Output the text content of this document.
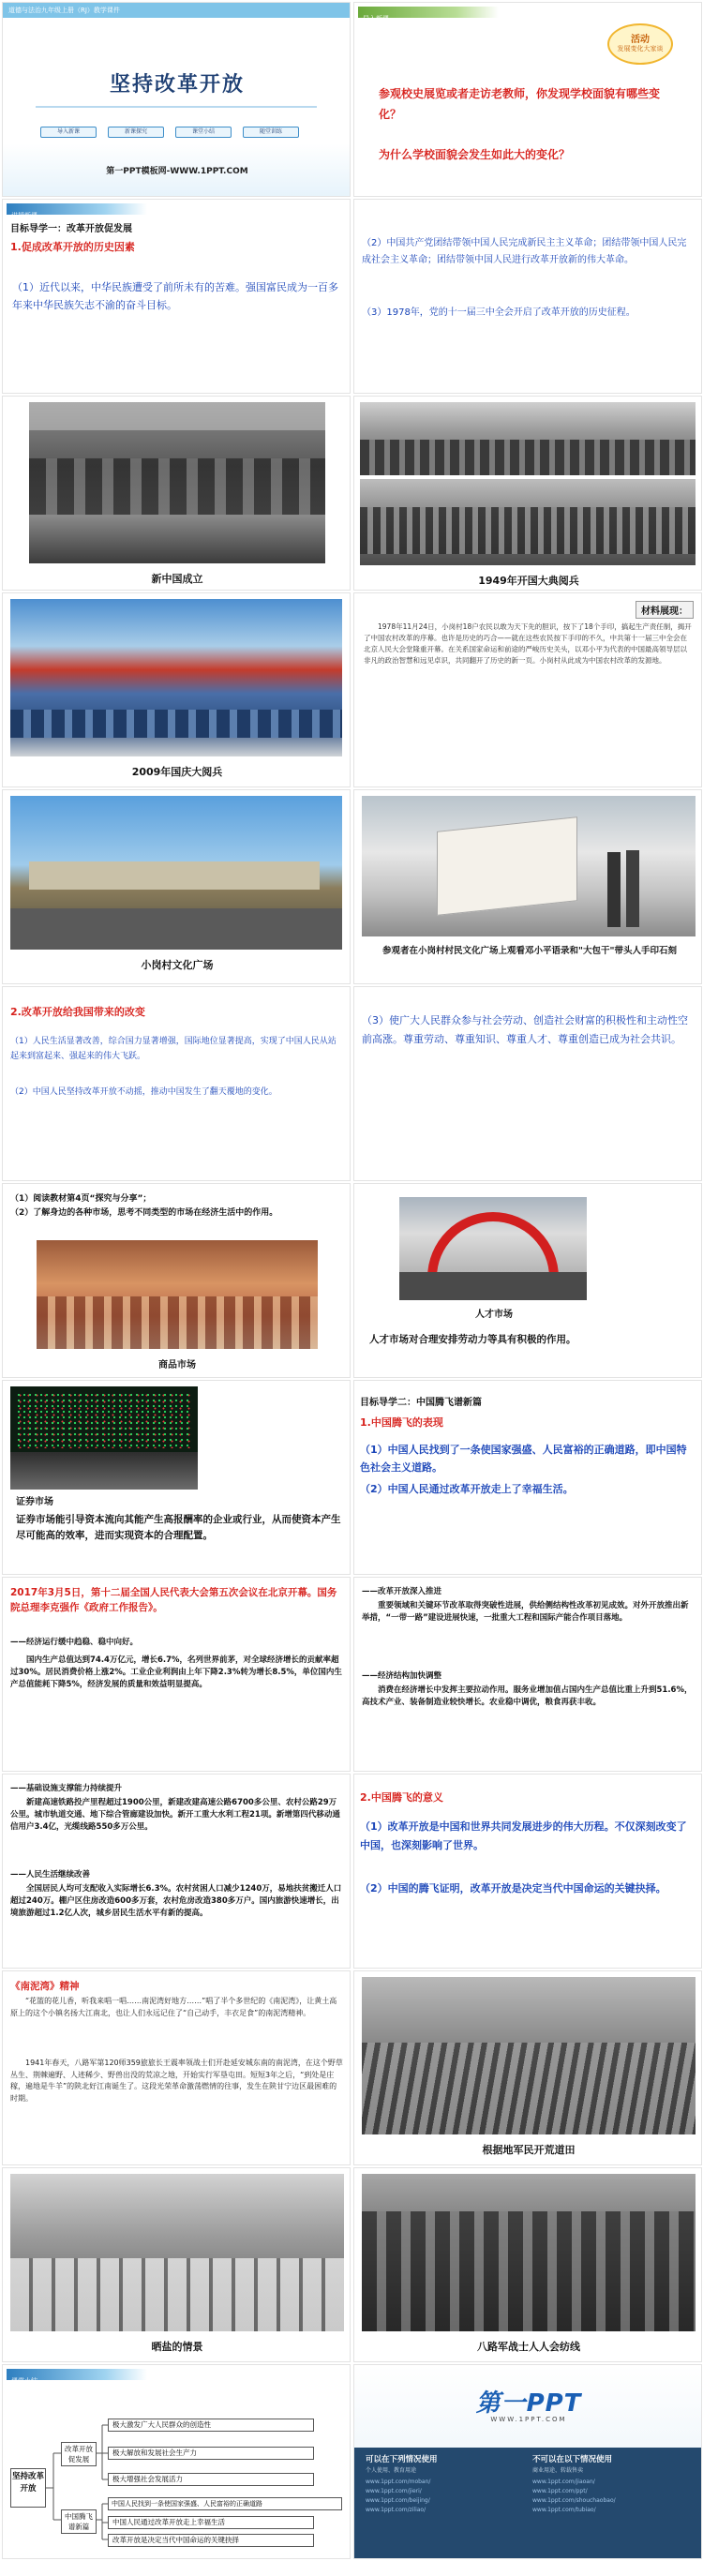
道德与法治九年级上册（RJ）教学课件
坚持改革开放
导入新课	新课探究	课堂小结	随堂训练
第一PPT模板网-WWW.1PPT.COM
导入新课
活动
发展变化大家谈
参观校史展览或者走访老教师，你发现学校面貌有哪些变化？
为什么学校面貌会发生如此大的变化？
讲授新课
目标导学一：改革开放促发展
1.促成改革开放的历史因素
（1）近代以来，中华民族遭受了前所未有的苦难。强国富民成为一百多年来中华民族矢志不渝的奋斗目标。
（2）中国共产党团结带领中国人民完成新民主主义革命；团结带领中国人民完成社会主义革命；团结带领中国人民进行改革开放新的伟大革命。
（3）1978年，党的十一届三中全会开启了改革开放的历史征程。
新中国成立	1949年开国大典阅兵
2009年国庆大阅兵
材料展现：
1978年11月24日，小岗村18户农民以敢为天下先的胆识，按下了18个手印，搞起生产责任制，揭开了中国农村改革的序幕。也许是历史的巧合——就在这些农民按下手印的不久，中共第十一届三中全会在北京人民大会堂隆重开幕。在关系国家命运和前途的严峻历史关头，以邓小平为代表的中国最高领导层以非凡的政治智慧和远见卓识，共同翻开了历史的新一页。小岗村从此成为中国农村改革的发源地。
小岗村文化广场
参观者在小岗村村民文化广场上观看邓小平语录和"大包干"带头人手印石刻
2.改革开放给我国带来的改变
（1）人民生活显著改善，综合国力显著增强，国际地位显著提高，实现了中国人民从站起来到富起来、强起来的伟大飞跃。
（2）中国人民坚持改革开放不动摇，推动中国发生了翻天覆地的变化。
（3）使广大人民群众参与社会劳动、创造社会财富的积极性和主动性空前高涨。尊重劳动、尊重知识、尊重人才、尊重创造已成为社会共识。
（1）阅读教材第4页“探究与分享”；
（2）了解身边的各种市场，思考不同类型的市场在经济生活中的作用。
商品市场
人才市场
人才市场对合理安排劳动力等具有积极的作用。
证券市场
证券市场能引导资本流向其能产生高报酬率的企业或行业，从而使资本产生尽可能高的效率，进而实现资本的合理配置。
目标导学二：中国腾飞谱新篇
1.中国腾飞的表现
（1）中国人民找到了一条使国家强盛、人民富裕的正确道路，即中国特色社会主义道路。
（2）中国人民通过改革开放走上了幸福生活。
2017年3月5日，第十二届全国人民代表大会第五次会议在北京开幕。国务院总理李克强作《政府工作报告》。
——经济运行缓中趋稳、稳中向好。
国内生产总值达到74.4万亿元，增长6.7%，名列世界前茅，对全球经济增长的贡献率超过30%。居民消费价格上涨2%。工业企业利润由上年下降2.3%转为增长8.5%，单位国内生产总值能耗下降5%，经济发展的质量和效益明显提高。
——改革开放深入推进
重要领域和关键环节改革取得突破性进展，供给侧结构性改革初见成效。对外开放推出新举措，“一带一路”建设进展快速，一批重大工程和国际产能合作项目落地。
——经济结构加快调整
消费在经济增长中发挥主要拉动作用。服务业增加值占国内生产总值比重上升到51.6%，高技术产业、装备制造业较快增长。农业稳中调优，粮食再获丰收。
——基础设施支撑能力持续提升
新建高速铁路投产里程超过1900公里，新建改建高速公路6700多公里、农村公路29万公里。城市轨道交通、地下综合管廊建设加快。新开工重大水利工程21项。新增第四代移动通信用户3.4亿，光缆线路550多万公里。
——人民生活继续改善
全国居民人均可支配收入实际增长6.3%。农村贫困人口减少1240万，易地扶贫搬迁人口超过240万。棚户区住房改造600多万套，农村危房改造380多万户。国内旅游快速增长，出境旅游超过1.2亿人次，城乡居民生活水平有新的提高。
2.中国腾飞的意义
（1）改革开放是中国和世界共同发展进步的伟大历程。不仅深刻改变了中国，也深刻影响了世界。
（2）中国的腾飞证明，改革开放是决定当代中国命运的关键抉择。
《南泥湾》精神
“花篮的花儿香，听我来唱一唱……南泥湾好地方……”唱了半个多世纪的《南泥湾》，让黄土高原上的这个小镇名扬大江南北，也让人们永远记住了“自己动手，丰衣足食”的南泥湾精神。
1941年春天，八路军第120师359旅旅长王震率领战士们开赴延安城东南的南泥湾，在这个野草丛生、荆棘遍野、人迹稀少、野兽出没的荒凉之地，开始实行军垦屯田。短短3年之后，“到处是庄稼，遍地是牛羊”的陕北好江南诞生了。这段光荣革命激荡燃情的往事，发生在陕甘宁边区最困难的时期。
根据地军民开荒道田
晒盐的情景	八路军战士人人会纺线
课堂小结
坚持改革开放
改革开放促发展
中国腾飞谱新篇
极大激发广大人民群众的创造性
极大解放和发展社会生产力
极大增强社会发展活力
中国人民找到一条使国家强盛、人民富裕的正确道路
中国人民通过改革开放走上幸福生活
改革开放是决定当代中国命运的关键抉择
第一PPT
WWW.1PPT.COM
可以在下列情况使用
个人使用、教育用途
不可以在以下情况使用
商业用途、转载售卖
www.1ppt.com/moban/
www.1ppt.com/jieri/
www.1ppt.com/beijing/
www.1ppt.com/ziliao/
www.1ppt.com/jiaoan/
www.1ppt.com/ppt/
www.1ppt.com/shouchaobao/
www.1ppt.com/tubiao/
